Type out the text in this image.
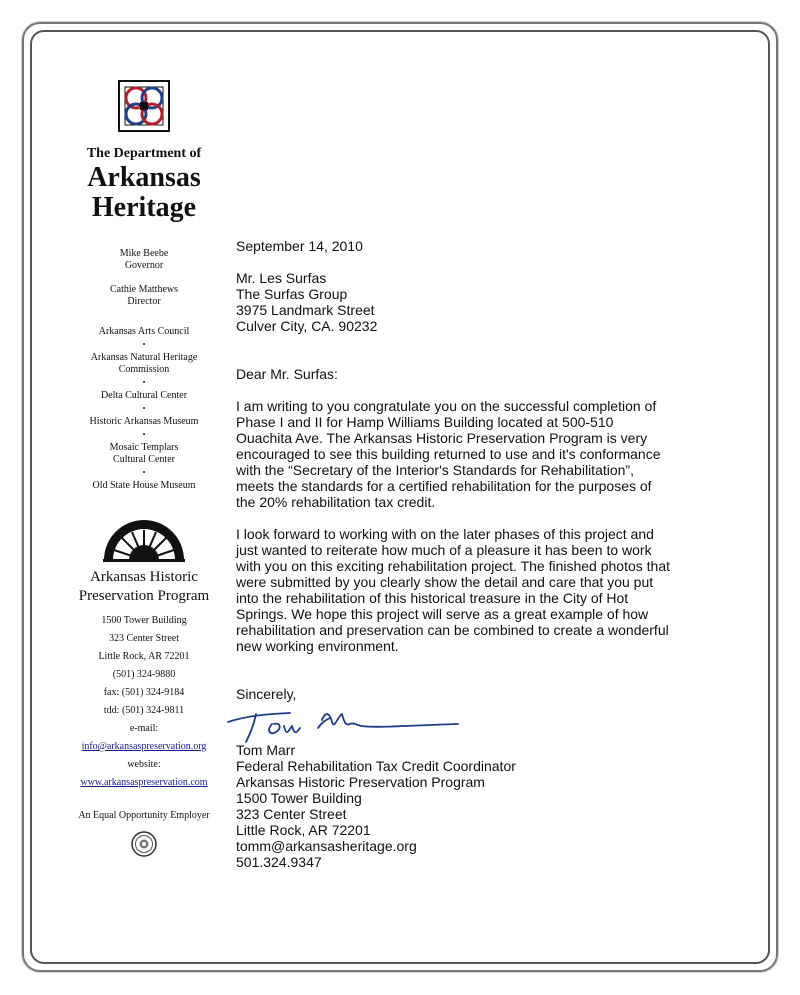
The Department of
Arkansas
Heritage
Mike Beebe
Governor
Cathie Matthews
Director
Arkansas Arts Council
•
Arkansas Natural Heritage
Commission
•
Delta Cultural Center
•
Historic Arkansas Museum
•
Mosaic Templars
Cultural Center
•
Old State House Museum
Arkansas Historic
Preservation Program
1500 Tower Building
323 Center Street
Little Rock, AR 72201
(501) 324-9880
fax: (501) 324-9184
tdd: (501) 324-9811
e-mail:
info@arkansaspreservation.org
website:
www.arkansaspreservation.com
An Equal Opportunity Employer

September 14, 2010

Mr. Les Surfas

The Surfas Group

3975 Landmark Street

Culver City, CA. 90232

Dear Mr. Surfas:

I am writing to you congratulate you on the successful completion of Phase I and II for Hamp Williams Building located at 500-510 Ouachita Ave. The Arkansas Historic Preservation Program is very encouraged to see this building returned to use and it's conformance with the “Secretary of the Interior's Standards for Rehabilitation”, meets the standards for a certified rehabilitation for the purposes of the 20% rehabilitation tax credit.

I look forward to working with on the later phases of this project and just wanted to reiterate how much of a pleasure it has been to work with you on this exciting rehabilitation project. The finished photos that were submitted by you clearly show the detail and care that you put into the rehabilitation of this historical treasure in the City of Hot Springs. We hope this project will serve as a great example of how rehabilitation and preservation can be combined to create a wonderful new working environment.

Sincerely,

Tom Marr

Federal Rehabilitation Tax Credit Coordinator

Arkansas Historic Preservation Program

1500 Tower Building

323 Center Street

Little Rock, AR 72201

tomm@arkansasheritage.org

501.324.9347
